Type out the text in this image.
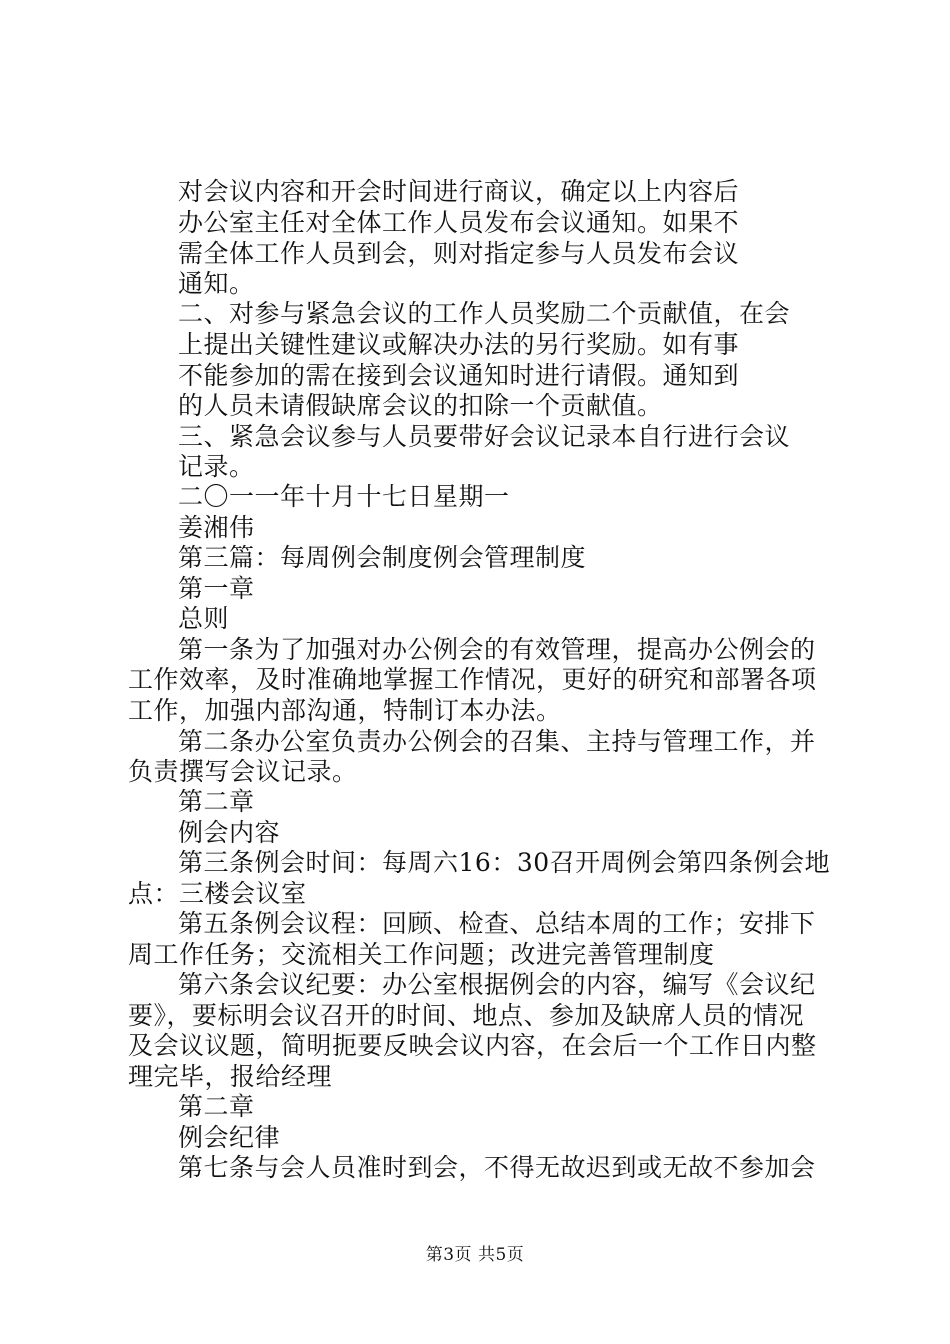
对会议内容和开会时间进行商议，确定以上内容后
办公室主任对全体工作人员发布会议通知。如果不
需全体工作人员到会，则对指定参与人员发布会议
通知。
二、对参与紧急会议的工作人员奖励二个贡献值，在会
上提出关键性建议或解决办法的另行奖励。如有事
不能参加的需在接到会议通知时进行请假。通知到
的人员未请假缺席会议的扣除一个贡献值。
三、紧急会议参与人员要带好会议记录本自行进行会议
记录。
二〇一一年十月十七日星期一
姜湘伟
第三篇：每周例会制度例会管理制度
第一章
总则
第一条为了加强对办公例会的有效管理，提高办公例会的
工作效率，及时准确地掌握工作情况，更好的研究和部署各项
工作，加强内部沟通，特制订本办法。
第二条办公室负责办公例会的召集、主持与管理工作，并
负责撰写会议记录。
第二章
例会内容
第三条例会时间：每周六16：30召开周例会第四条例会地
点：三楼会议室
第五条例会议程：回顾、检查、总结本周的工作；安排下
周工作任务；交流相关工作问题；改进完善管理制度
第六条会议纪要：办公室根据例会的内容，编写《会议纪
要》，要标明会议召开的时间、地点、参加及缺席人员的情况
及会议议题，简明扼要反映会议内容，在会后一个工作日内整
理完毕，报给经理
第二章
例会纪律
第七条与会人员准时到会，不得无故迟到或无故不参加会
第3页 共5页
